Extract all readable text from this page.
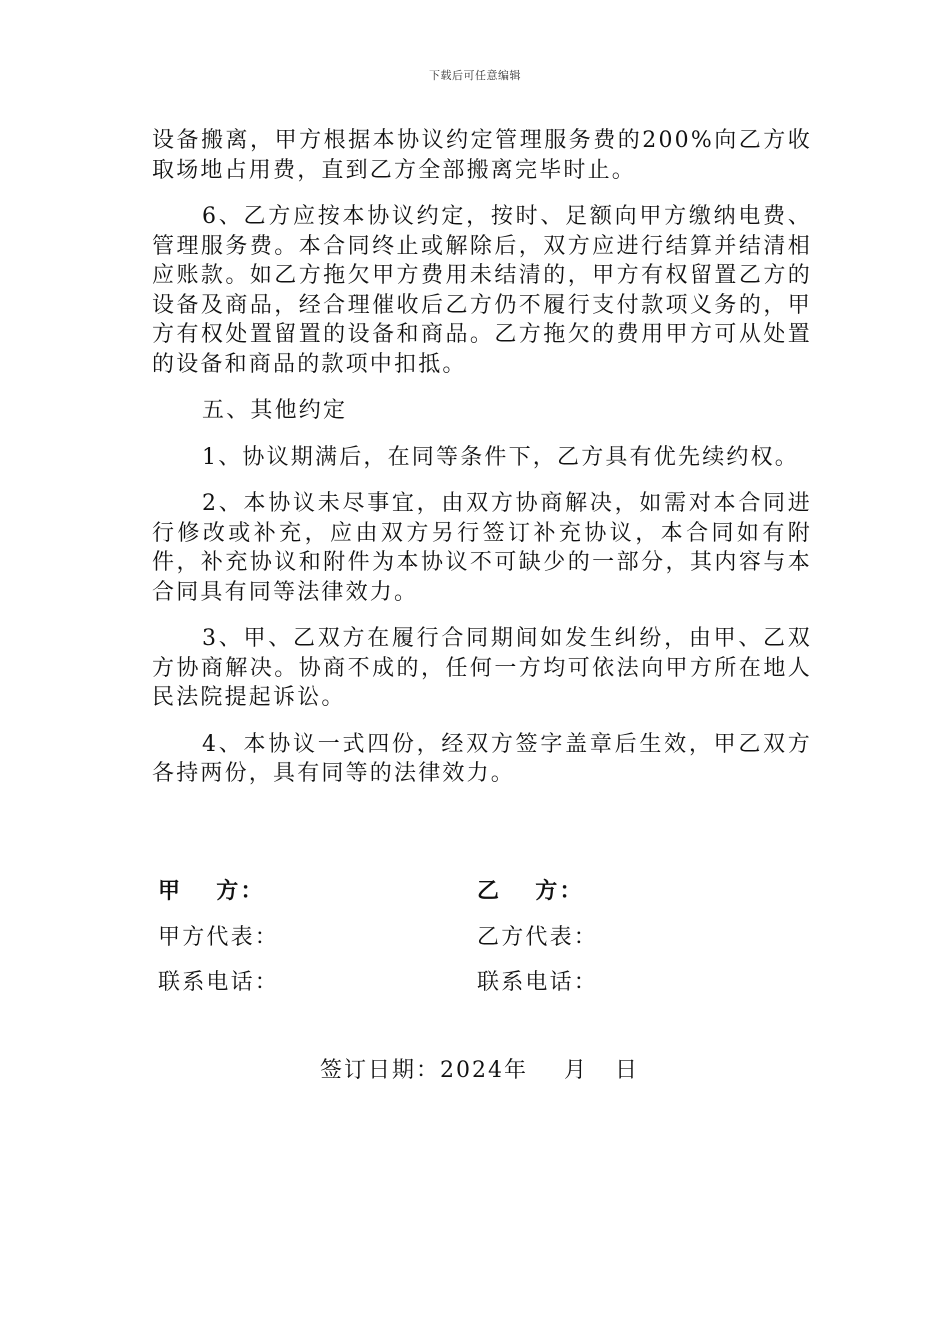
下载后可任意编辑

设备搬离，甲方根据本协议约定管理服务费的200%向乙方收取场地占用费，直到乙方全部搬离完毕时止。

6、乙方应按本协议约定，按时、足额向甲方缴纳电费、管理服务费。本合同终止或解除后，双方应进行结算并结清相应账款。如乙方拖欠甲方费用未结清的，甲方有权留置乙方的设备及商品，经合理催收后乙方仍不履行支付款项义务的，甲方有权处置留置的设备和商品。乙方拖欠的费用甲方可从处置的设备和商品的款项中扣抵。

五、其他约定

1、协议期满后，在同等条件下，乙方具有优先续约权。

2、本协议未尽事宜，由双方协商解决，如需对本合同进行修改或补充，应由双方另行签订补充协议，本合同如有附件，补充协议和附件为本协议不可缺少的一部分，其内容与本合同具有同等法律效力。

3、甲、乙双方在履行合同期间如发生纠纷，由甲、乙双方协商解决。协商不成的，任何一方均可依法向甲方所在地人民法院提起诉讼。

4、本协议一式四份，经双方签字盖章后生效，甲乙双方各持两份，具有同等的法律效力。

甲　 方：	乙　 方：
甲方代表：	乙方代表：
联系电话：	联系电话：
签订日期：2024年    月   日
